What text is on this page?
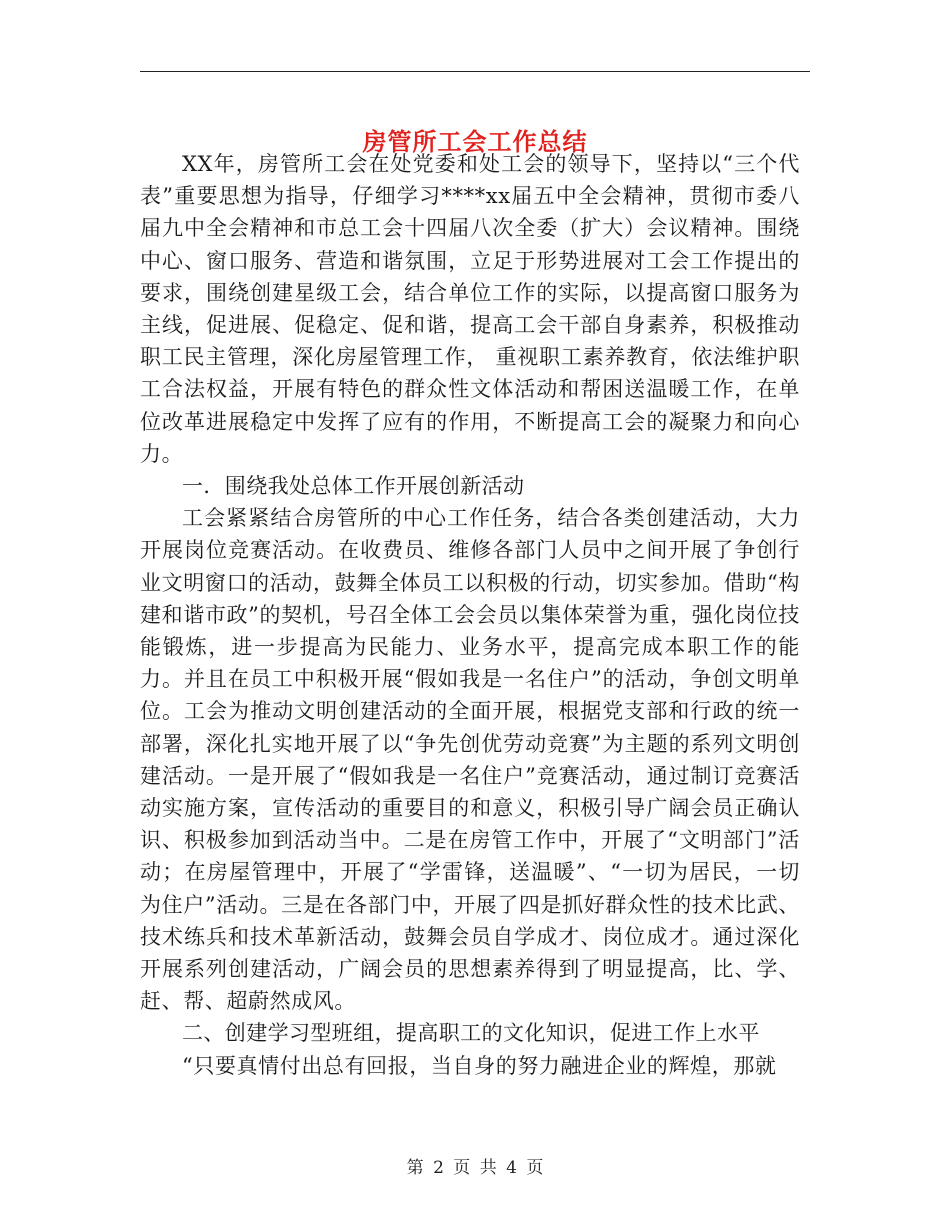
房管所工会工作总结

XX年，房管所工会在处党委和处工会的领导下，坚持以“三个代表”重要思想为指导，仔细学习****xx届五中全会精神，贯彻市委八届九中全会精神和市总工会十四届八次全委（扩大）会议精神。围绕中心、窗口服务、营造和谐氛围，立足于形势进展对工会工作提出的要求，围绕创建星级工会，结合单位工作的实际，以提高窗口服务为主线，促进展、促稳定、促和谐，提高工会干部自身素养，积极推动职工民主管理，深化房屋管理工作， 重视职工素养教育，依法维护职工合法权益，开展有特色的群众性文体活动和帮困送温暖工作，在单位改革进展稳定中发挥了应有的作用，不断提高工会的凝聚力和向心力。

一．围绕我处总体工作开展创新活动

工会紧紧结合房管所的中心工作任务，结合各类创建活动，大力开展岗位竞赛活动。在收费员、维修各部门人员中之间开展了争创行业文明窗口的活动，鼓舞全体员工以积极的行动，切实参加。借助“构建和谐市政”的契机，号召全体工会会员以集体荣誉为重，强化岗位技能锻炼，进一步提高为民能力、业务水平，提高完成本职工作的能力。并且在员工中积极开展“假如我是一名住户”的活动，争创文明单位。工会为推动文明创建活动的全面开展，根据党支部和行政的统一部署，深化扎实地开展了以“争先创优劳动竞赛”为主题的系列文明创建活动。一是开展了“假如我是一名住户”竞赛活动，通过制订竞赛活动实施方案，宣传活动的重要目的和意义，积极引导广阔会员正确认识、积极参加到活动当中。二是在房管工作中，开展了“文明部门”活动；在房屋管理中，开展了“学雷锋，送温暖”、“一切为居民，一切为住户”活动。三是在各部门中，开展了四是抓好群众性的技术比武、技术练兵和技术革新活动，鼓舞会员自学成才、岗位成才。通过深化开展系列创建活动，广阔会员的思想素养得到了明显提高，比、学、赶、帮、超蔚然成风。

二、创建学习型班组，提高职工的文化知识，促进工作上水平

“只要真情付出总有回报，当自身的努力融进企业的辉煌，那就

第 2 页 共 4 页
